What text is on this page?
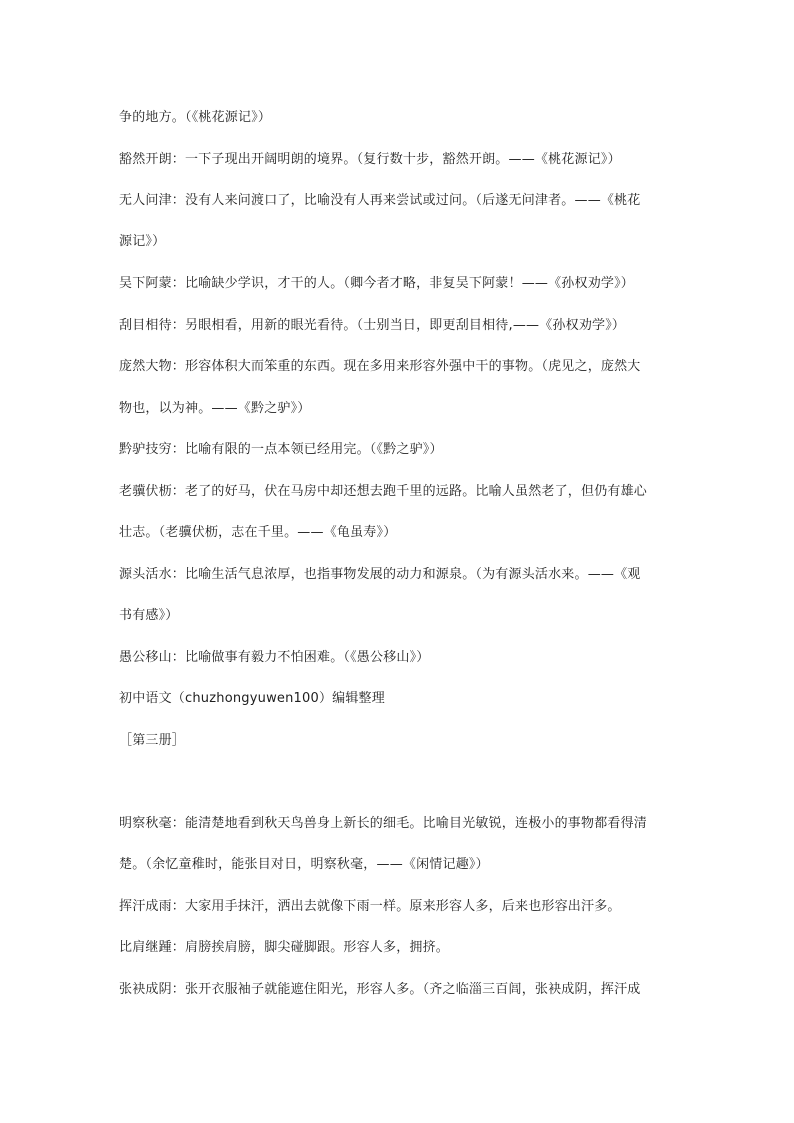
争的地方。（《桃花源记》）
豁然开朗：一下子现出开阔明朗的境界。（复行数十步，豁然开朗。——《桃花源记》）
无人问津：没有人来问渡口了，比喻没有人再来尝试或过问。（后遂无问津者。——《桃花
源记》）
吴下阿蒙：比喻缺少学识，才干的人。（卿今者才略，非复吴下阿蒙！——《孙权劝学》）
刮目相待：另眼相看，用新的眼光看待。（士别当日，即更刮目相待,——《孙权劝学》）
庞然大物：形容体积大而笨重的东西。现在多用来形容外强中干的事物。（虎见之，庞然大
物也，以为神。——《黔之驴》）
黔驴技穷：比喻有限的一点本领已经用完。（《黔之驴》）
老骥伏枥：老了的好马，伏在马房中却还想去跑千里的远路。比喻人虽然老了，但仍有雄心
壮志。（老骥伏枥，志在千里。——《龟虽寿》）
源头活水：比喻生活气息浓厚，也指事物发展的动力和源泉。（为有源头活水来。——《观
书有感》）
愚公移山：比喻做事有毅力不怕困难。（《愚公移山》）
初中语文（chuzhongyuwen100）编辑整理
［第三册］
明察秋毫：能清楚地看到秋天鸟兽身上新长的细毛。比喻目光敏锐，连极小的事物都看得清
楚。（余忆童稚时，能张目对日，明察秋毫，——《闲情记趣》）
挥汗成雨：大家用手抹汗，洒出去就像下雨一样。原来形容人多，后来也形容出汗多。
比肩继踵：肩膀挨肩膀，脚尖碰脚跟。形容人多，拥挤。
张袂成阴：张开衣服袖子就能遮住阳光，形容人多。（齐之临淄三百闾，张袂成阴，挥汗成
